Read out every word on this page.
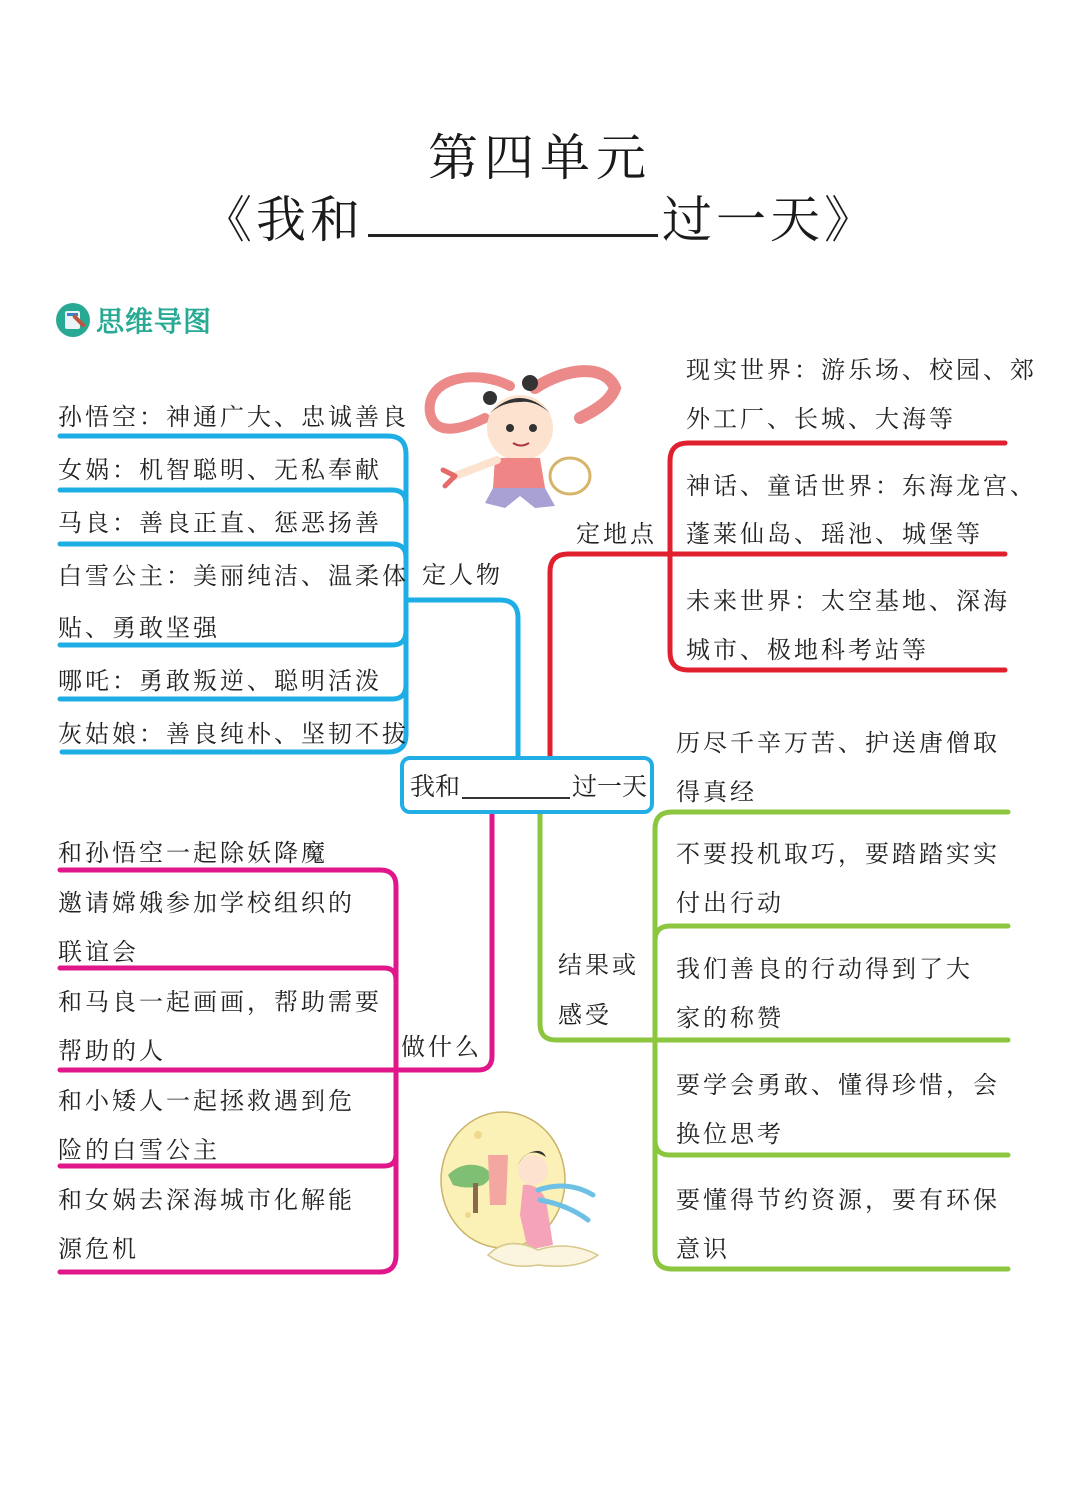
第四单元
《我和	过一天》
思维导图
我和	过一天
定人物
孙悟空：神通广大、忠诚善良
女娲：机智聪明、无私奉献
马良：善良正直、惩恶扬善
白雪公主：美丽纯洁、温柔体
贴、勇敢坚强
哪吒：勇敢叛逆、聪明活泼
灰姑娘：善良纯朴、坚韧不拔
定地点
现实世界：游乐场、校园、郊
外工厂、长城、大海等
神话、童话世界：东海龙宫、
蓬莱仙岛、瑶池、城堡等
未来世界：太空基地、深海
城市、极地科考站等
做什么
和孙悟空一起除妖降魔
邀请嫦娥参加学校组织的
联谊会
和马良一起画画，帮助需要
帮助的人
和小矮人一起拯救遇到危
险的白雪公主
和女娲去深海城市化解能
源危机
结果或
感受
历尽千辛万苦、护送唐僧取
得真经
不要投机取巧，要踏踏实实
付出行动
我们善良的行动得到了大
家的称赞
要学会勇敢、懂得珍惜，会
换位思考
要懂得节约资源，要有环保
意识
